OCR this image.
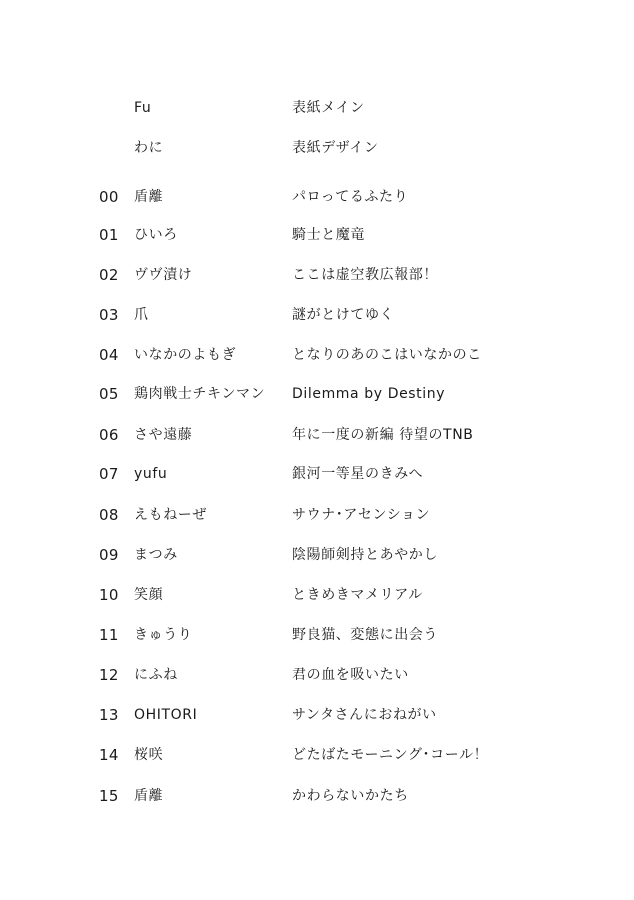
Fu	表紙メイン
わに	表紙デザイン
00 盾離	パロってるふたり
01 ひいろ	騎士と魔竜
02 ヴヴ漬け	ここは虚空教広報部！
03 爪	謎がとけてゆく
04 いなかのよもぎ	となりのあのこはいなかのこ
05 鶏肉戦士チキンマン Dilemma by Destiny
06 さや遠藤	年に一度の新編 待望のTNB
07 yufu	銀河一等星のきみへ
08 えもねーぜ	サウナ･アセンション
09 まつみ	陰陽師剣持とあやかし
10 笑顔	ときめきマメリアル
11 きゅうり	野良猫、変態に出会う
12 にふね	君の血を吸いたい
13 OHITORI	サンタさんにおねがい
14 桜咲	どたばたモーニング･コール！
15 盾離	かわらないかたち
